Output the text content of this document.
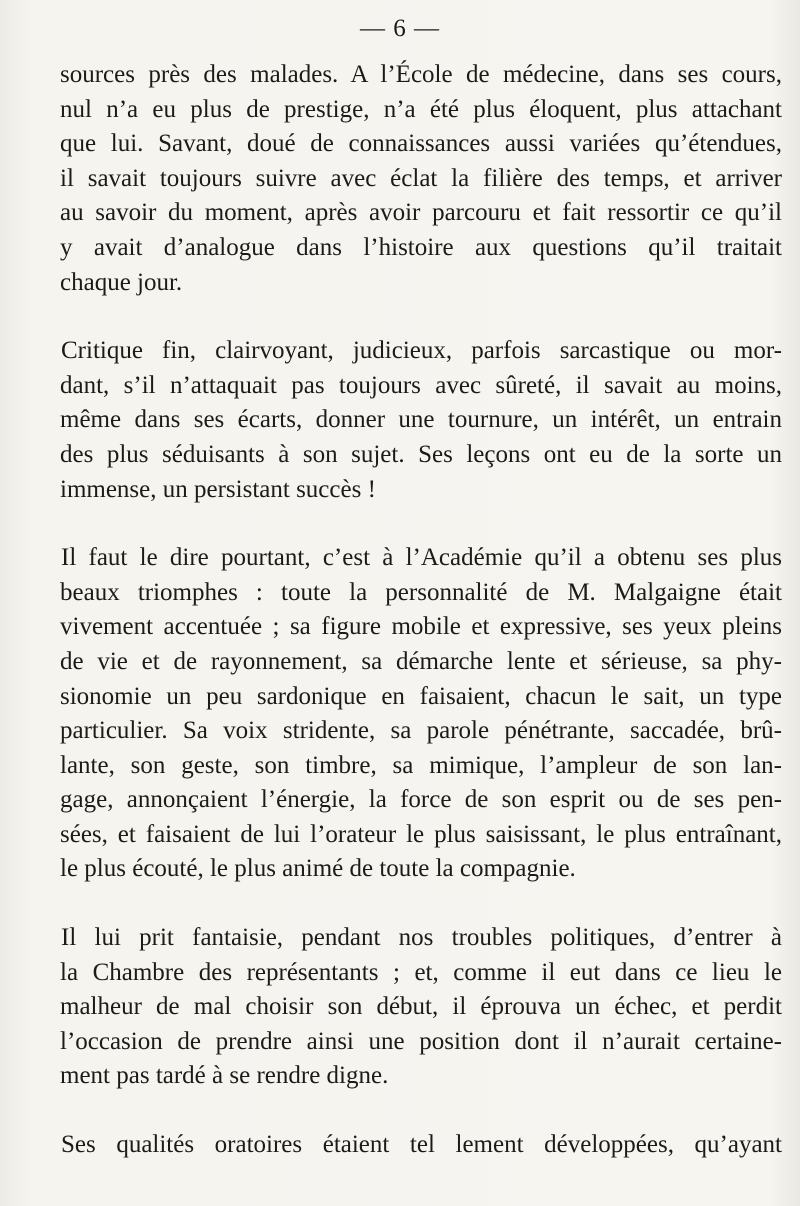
— 6 —
sources près des malades. A l’École de médecine, dans ses cours,
nul n’a eu plus de prestige, n’a été plus éloquent, plus attachant
que lui. Savant, doué de connaissances aussi variées qu’étendues,
il savait toujours suivre avec éclat la filière des temps, et arriver
au savoir du moment, après avoir parcouru et fait ressortir ce qu’il
y avait d’analogue dans l’histoire aux questions qu’il traitait
chaque jour.
Critique fin, clairvoyant, judicieux, parfois sarcastique ou mor-
dant, s’il n’attaquait pas toujours avec sûreté, il savait au moins,
même dans ses écarts, donner une tournure, un intérêt, un entrain
des plus séduisants à son sujet. Ses leçons ont eu de la sorte un
immense, un persistant succès !
Il faut le dire pourtant, c’est à l’Académie qu’il a obtenu ses plus
beaux triomphes : toute la personnalité de M. Malgaigne était
vivement accentuée ; sa figure mobile et expressive, ses yeux pleins
de vie et de rayonnement, sa démarche lente et sérieuse, sa phy-
sionomie un peu sardonique en faisaient, chacun le sait, un type
particulier. Sa voix stridente, sa parole pénétrante, saccadée, brû-
lante, son geste, son timbre, sa mimique, l’ampleur de son lan-
gage, annonçaient l’énergie, la force de son esprit ou de ses pen-
sées, et faisaient de lui l’orateur le plus saisissant, le plus entraînant,
le plus écouté, le plus animé de toute la compagnie.
Il lui prit fantaisie, pendant nos troubles politiques, d’entrer à
la Chambre des représentants ; et, comme il eut dans ce lieu le
malheur de mal choisir son début, il éprouva un échec, et perdit
l’occasion de prendre ainsi une position dont il n’aurait certaine-
ment pas tardé à se rendre digne.
Ses qualités oratoires étaient tel lement développées, qu’ayant
